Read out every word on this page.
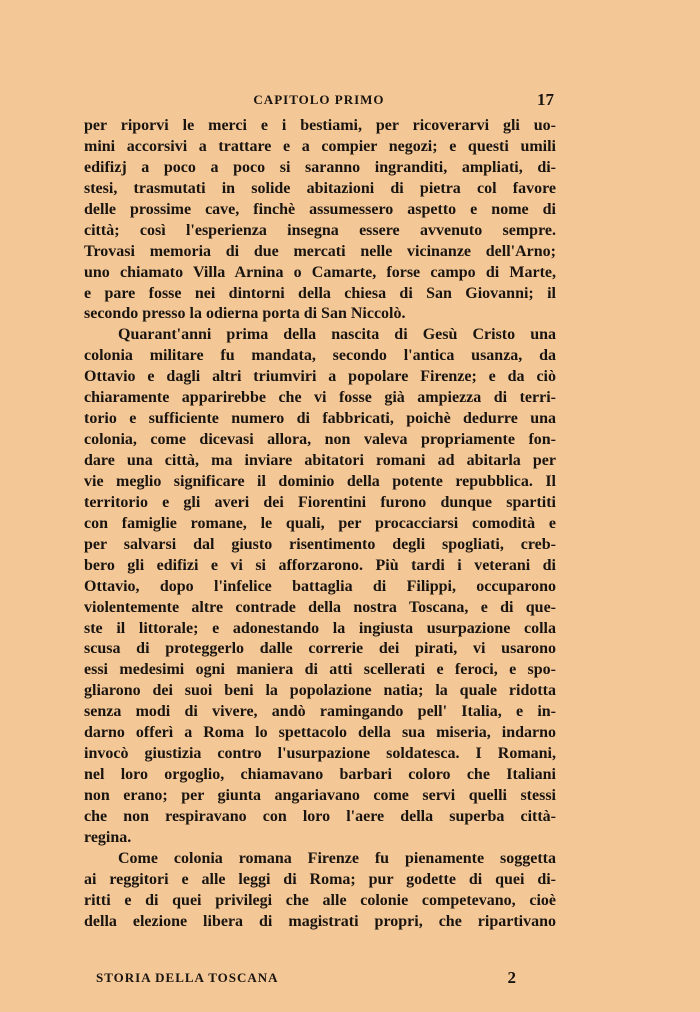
CAPITOLO PRIMO	17
per riporvi le merci e i bestiami, per ricoverarvi gli uo-
mini accorsivi a trattare e a compier negozi; e questi umili
edifizj a poco a poco si saranno ingranditi, ampliati, di-
stesi, trasmutati in solide abitazioni di pietra col favore
delle prossime cave, finchè assumessero aspetto e nome di
città; così l'esperienza insegna essere avvenuto sempre.
Trovasi memoria di due mercati nelle vicinanze dell'Arno;
uno chiamato Villa Arnina o Camarte, forse campo di Marte,
e pare fosse nei dintorni della chiesa di San Giovanni; il
secondo presso la odierna porta di San Niccolò.
Quarant'anni prima della nascita di Gesù Cristo una
colonia militare fu mandata, secondo l'antica usanza, da
Ottavio e dagli altri triumviri a popolare Firenze; e da ciò
chiaramente apparirebbe che vi fosse già ampiezza di terri-
torio e sufficiente numero di fabbricati, poichè dedurre una
colonia, come dicevasi allora, non valeva propriamente fon-
dare una città, ma inviare abitatori romani ad abitarla per
vie meglio significare il dominio della potente repubblica. Il
territorio e gli averi dei Fiorentini furono dunque spartiti
con famiglie romane, le quali, per procacciarsi comodità e
per salvarsi dal giusto risentimento degli spogliati, creb-
bero gli edifizi e vi si afforzarono. Più tardi i veterani di
Ottavio, dopo l'infelice battaglia di Filippi, occuparono
violentemente altre contrade della nostra Toscana, e di que-
ste il littorale; e adonestando la ingiusta usurpazione colla
scusa di proteggerlo dalle correrie dei pirati, vi usarono
essi medesimi ogni maniera di atti scellerati e feroci, e spo-
gliarono dei suoi beni la popolazione natia; la quale ridotta
senza modi di vivere, andò ramingando pell' Italia, e in-
darno offerì a Roma lo spettacolo della sua miseria, indarno
invocò giustizia contro l'usurpazione soldatesca. I Romani,
nel loro orgoglio, chiamavano barbari coloro che Italiani
non erano; per giunta angariavano come servi quelli stessi
che non respiravano con loro l'aere della superba città-
regina.
Come colonia romana Firenze fu pienamente soggetta
ai reggitori e alle leggi di Roma; pur godette di quei di-
ritti e di quei privilegi che alle colonie competevano, cioè
della elezione libera di magistrati propri, che ripartivano
STORIA DELLA TOSCANA	2
